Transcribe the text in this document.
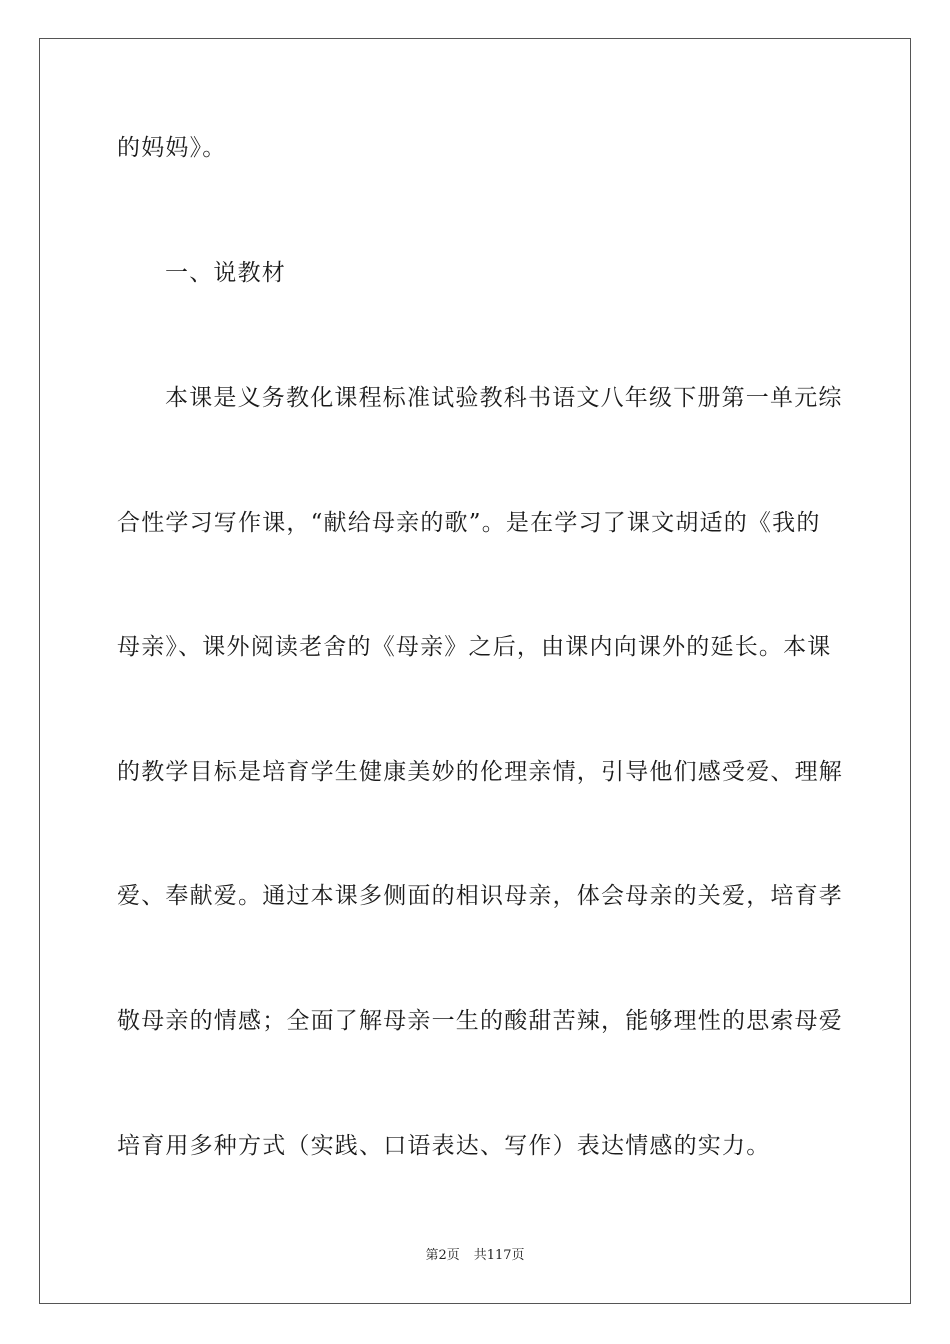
的妈妈》。
一、说教材
本课是义务教化课程标准试验教科书语文八年级下册第一单元综
合性学习写作课，“献给母亲的歌”。是在学习了课文胡适的《我的
母亲》、课外阅读老舍的《母亲》之后，由课内向课外的延长。本课
的教学目标是培育学生健康美妙的伦理亲情，引导他们感受爱、理解
爱、奉献爱。通过本课多侧面的相识母亲，体会母亲的关爱，培育孝
敬母亲的情感；全面了解母亲一生的酸甜苦辣，能够理性的思索母爱
培育用多种方式（实践、口语表达、写作）表达情感的实力。
第2页 共117页
